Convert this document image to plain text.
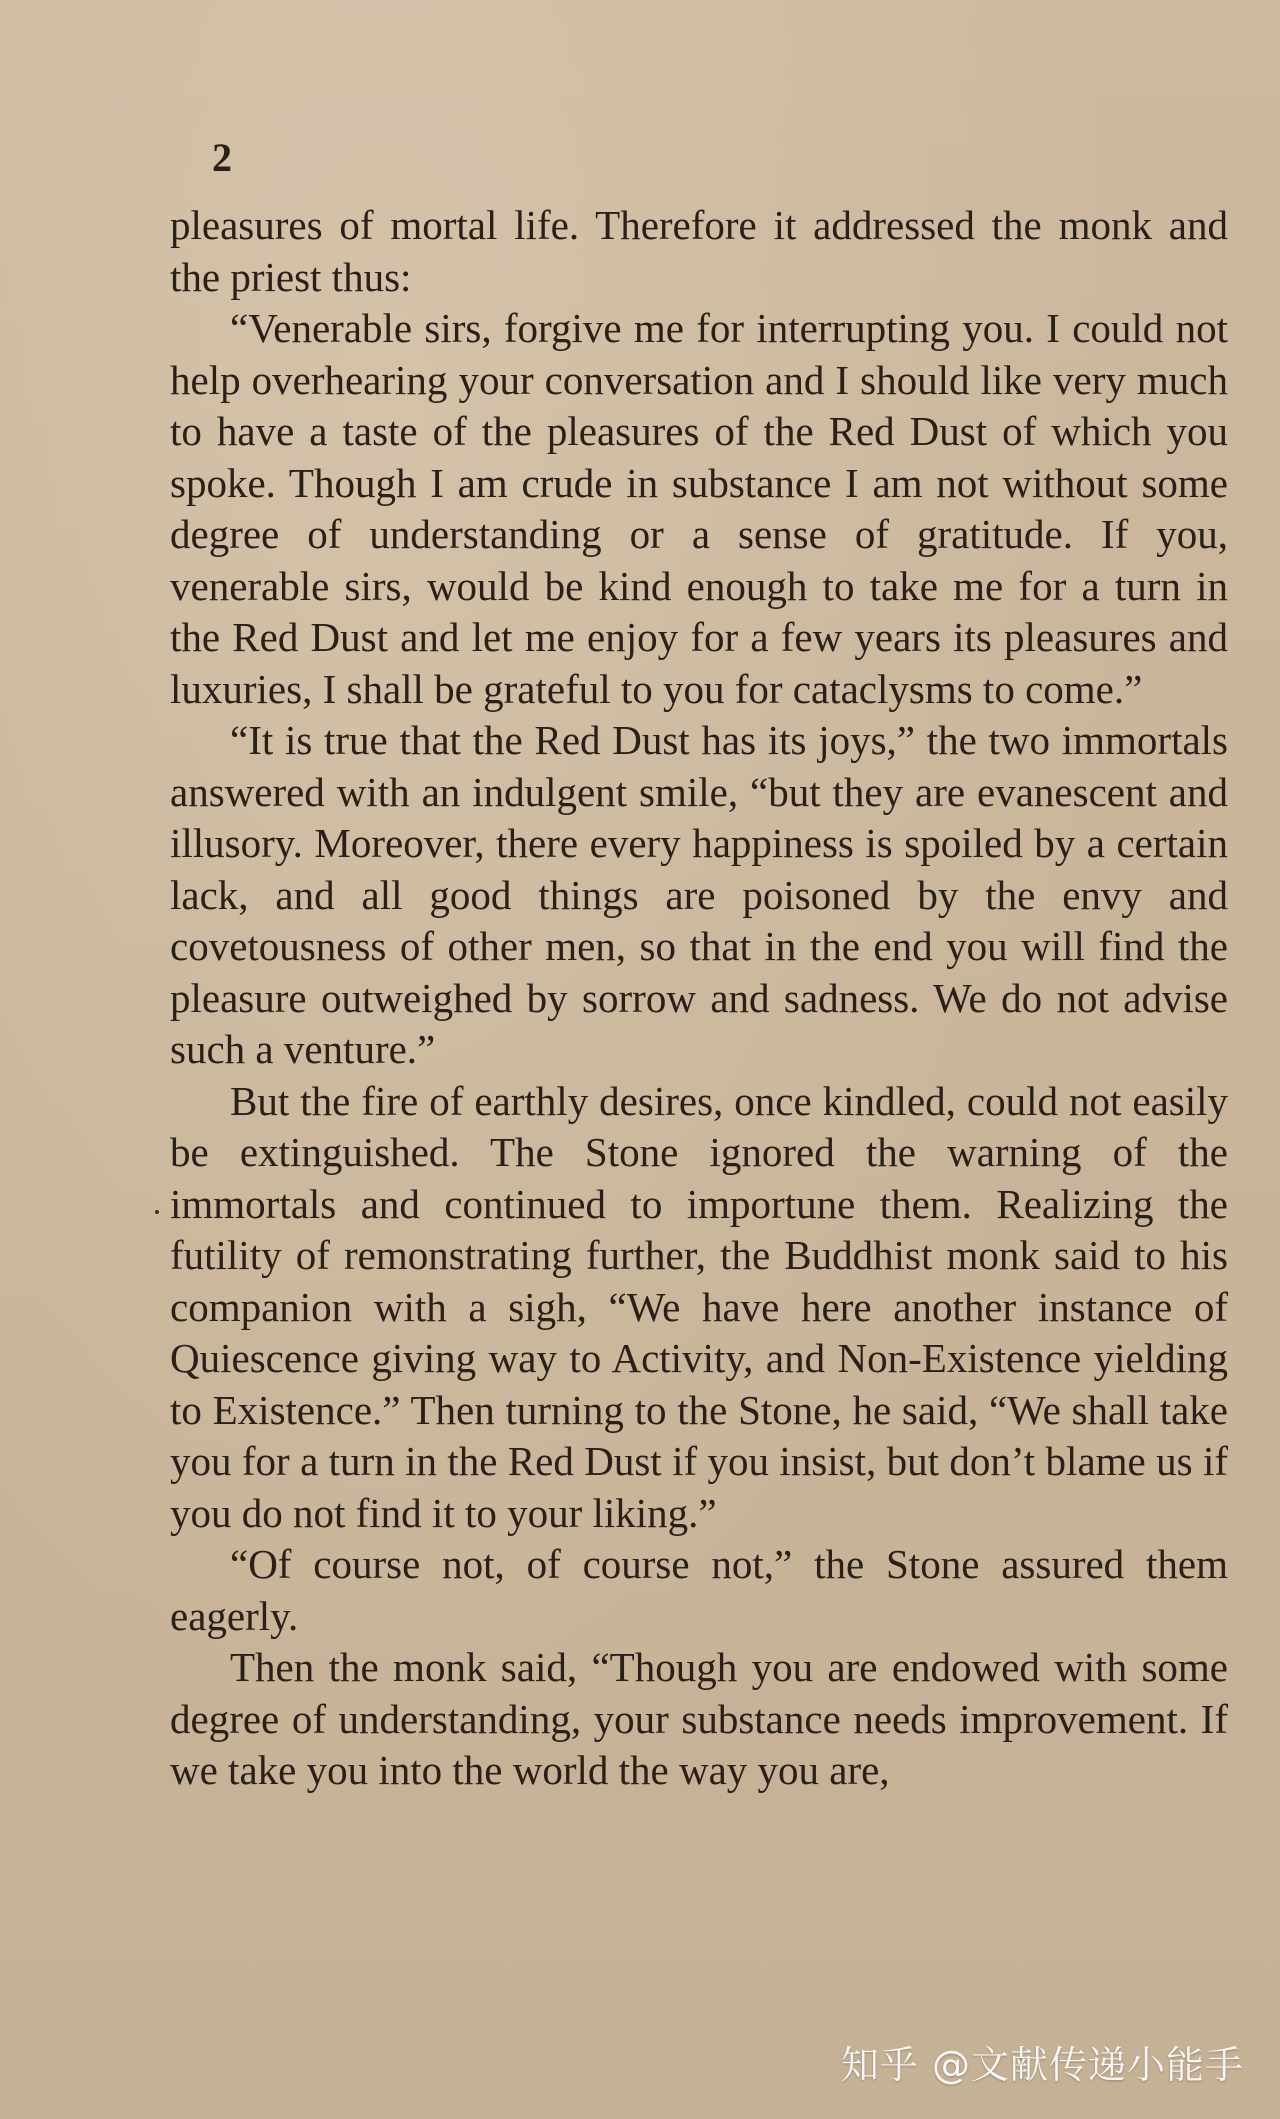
2

pleasures of mortal life. Therefore it addressed the monk and the priest thus:

“Venerable sirs, forgive me for interrupting you. I could not help overhearing your conversation and I should like very much to have a taste of the pleasures of the Red Dust of which you spoke. Though I am crude in substance I am not without some degree of understanding or a sense of gratitude. If you, venerable sirs, would be kind enough to take me for a turn in the Red Dust and let me enjoy for a few years its pleasures and luxuries, I shall be grateful to you for cataclysms to come.”

“It is true that the Red Dust has its joys,” the two immortals answered with an indulgent smile, “but they are evanescent and illusory. Moreover, there every happiness is spoiled by a certain lack, and all good things are poisoned by the envy and covetousness of other men, so that in the end you will find the pleasure outweighed by sorrow and sadness. We do not advise such a venture.”

But the fire of earthly desires, once kindled, could not easily be extinguished. The Stone ignored the warning of the immortals and continued to importune them. Realizing the futility of remonstrating further, the Buddhist monk said to his companion with a sigh, “We have here another instance of Quiescence giving way to Activity, and Non-Existence yielding to Existence.” Then turning to the Stone, he said, “We shall take you for a turn in the Red Dust if you insist, but don’t blame us if you do not find it to your liking.”

“Of course not, of course not,” the Stone assured them eagerly.

Then the monk said, “Though you are endowed with some degree of understanding, your substance needs improvement. If we take you into the world the way you are,

知乎 @文献传递小能手
